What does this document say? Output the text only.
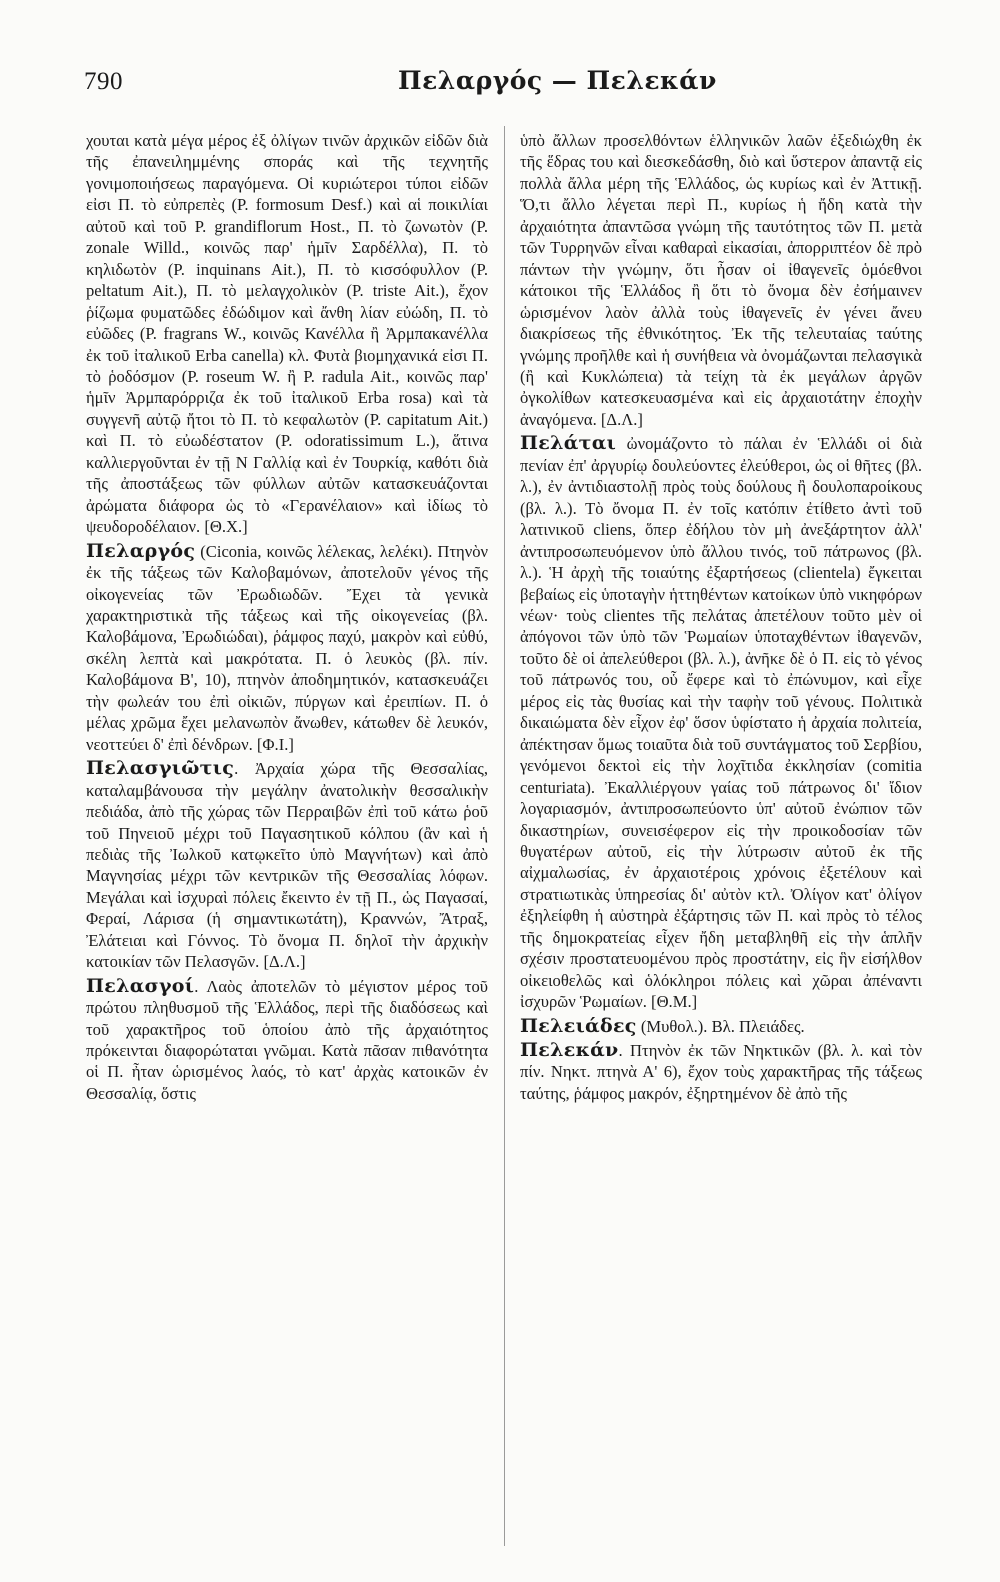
790	Πελαργός — Πελεκάν

χουται κατὰ μέγα μέρος ἐξ ὀλίγων τινῶν ἀρχικῶν εἰδῶν διὰ τῆς ἐπανειλημμένης σποράς καὶ τῆς τεχνητῆς γονιμοποιήσεως παραγόμενα. Οἱ κυριώτεροι τύποι εἰδῶν εἰσι Π. τὸ εὐπρεπὲς (P. formosum Desf.) καὶ αἱ ποικιλίαι αὐτοῦ καὶ τοῦ P. grandiflorum Host., Π. τὸ ζωνωτὸν (P. zonale Willd., κοινῶς παρ' ἡμῖν Σαρδέλλα), Π. τὸ κηλιδωτὸν (P. inquinans Ait.), Π. τὸ κισσόφυλλον (P. peltatum Ait.), Π. τὸ μελαγχολικὸν (P. triste Ait.), ἔχον ῥίζωμα φυματῶδες ἐδώδιμον καὶ ἄνθη λίαν εὐώδη, Π. τὸ εὐῶδες (P. fragrans W., κοινῶς Κανέλλα ἢ Ἀρμπακανέλλα ἐκ τοῦ ἰταλικοῦ Erba canella) κλ. Φυτὰ βιομηχανικά εἰσι Π. τὸ ῥοδόσμον (P. roseum W. ἢ P. radula Ait., κοινῶς παρ' ἡμῖν Ἀρμπαρόρριζα ἐκ τοῦ ἰταλικοῦ Erba rosa) καὶ τὰ συγγενῆ αὐτῷ ἤτοι τὸ Π. τὸ κεφαλωτὸν (P. capitatum Ait.) καὶ Π. τὸ εὐωδέστατον (P. odoratissimum L.), ἅτινα καλλιεργοῦνται ἐν τῇ Ν Γαλλίᾳ καὶ ἐν Τουρκίᾳ, καθότι διὰ τῆς ἀποστάξεως τῶν φύλλων αὐτῶν κατασκευάζονται ἀρώματα διάφορα ὡς τὸ «Γερανέλαιον» καὶ ἰδίως τὸ ψευδοροδέλαιον. [Θ.Χ.]

Πελαργός (Ciconia, κοινῶς λέλεκας, λελέκι). Πτηνὸν ἐκ τῆς τάξεως τῶν Καλοβαμόνων, ἀποτελοῦν γένος τῆς οἰκογενείας τῶν Ἐρωδιωδῶν. Ἔχει τὰ γενικὰ χαρακτηριστικὰ τῆς τάξεως καὶ τῆς οἰκογενείας (βλ. Καλοβάμονα, Ἐρωδιώδαι), ῥάμφος παχύ, μακρὸν καὶ εὐθύ, σκέλη λεπτὰ καὶ μακρότατα. Π. ὁ λευκὸς (βλ. πίν. Καλοβάμονα Β', 10), πτηνὸν ἀποδημητικόν, κατασκευάζει τὴν φωλεάν του ἐπὶ οἰκιῶν, πύργων καὶ ἐρειπίων. Π. ὁ μέλας χρῶμα ἔχει μελανωπὸν ἄνωθεν, κάτωθεν δὲ λευκόν, νεοττεύει δ' ἐπὶ δένδρων. [Φ.Ι.]

Πελασγιῶτις. Ἀρχαία χώρα τῆς Θεσσαλίας, καταλαμβάνουσα τὴν μεγάλην ἀνατολικὴν θεσσαλικὴν πεδιάδα, ἀπὸ τῆς χώρας τῶν Περραιβῶν ἐπὶ τοῦ κάτω ῥοῦ τοῦ Πηνειοῦ μέχρι τοῦ Παγασητικοῦ κόλπου (ἂν καὶ ἡ πεδιὰς τῆς Ἰωλκοῦ κατῳκεῖτο ὑπὸ Μαγνήτων) καὶ ἀπὸ Μαγνησίας μέχρι τῶν κεντρικῶν τῆς Θεσσαλίας λόφων. Μεγάλαι καὶ ἰσχυραὶ πόλεις ἔκειντο ἐν τῇ Π., ὡς Παγασαί, Φεραί, Λάρισα (ἡ σημαντικωτάτη), Κραννών, Ἄτραξ, Ἐλάτειαι καὶ Γόννος. Τὸ ὄνομα Π. δηλοῖ τὴν ἀρχικὴν κατοικίαν τῶν Πελασγῶν. [Δ.Λ.]

Πελασγοί. Λαὸς ἀποτελῶν τὸ μέγιστον μέρος τοῦ πρώτου πληθυσμοῦ τῆς Ἑλλάδος, περὶ τῆς διαδόσεως καὶ τοῦ χαρακτῆρος τοῦ ὁποίου ἀπὸ τῆς ἀρχαιότητος πρόκεινται διαφορώταται γνῶμαι. Κατὰ πᾶσαν πιθανότητα οἱ Π. ἦταν ὡρισμένος λαός, τὸ κατ' ἀρχὰς κατοικῶν ἐν Θεσσαλίᾳ, ὅστις

ὑπὸ ἄλλων προσελθόντων ἑλληνικῶν λαῶν ἐξεδιώχθη ἐκ τῆς ἕδρας του καὶ διεσκεδάσθη, διὸ καὶ ὕστερον ἀπαντᾷ εἰς πολλὰ ἄλλα μέρη τῆς Ἑλλάδος, ὡς κυρίως καὶ ἐν Ἀττικῇ. Ὅ,τι ἄλλο λέγεται περὶ Π., κυρίως ἡ ἤδη κατὰ τὴν ἀρχαιότητα ἀπαντῶσα γνώμη τῆς ταυτότητος τῶν Π. μετὰ τῶν Τυρρηνῶν εἶναι καθαραὶ εἰκασίαι, ἀπορριπτέον δὲ πρὸ πάντων τὴν γνώμην, ὅτι ἦσαν οἱ ἰθαγενεῖς ὁμόεθνοι κάτοικοι τῆς Ἑλλάδος ἢ ὅτι τὸ ὄνομα δὲν ἐσήμαινεν ὡρισμένον λαὸν ἀλλὰ τοὺς ἰθαγενεῖς ἐν γένει ἄνευ διακρίσεως τῆς ἐθνικότητος. Ἐκ τῆς τελευταίας ταύτης γνώμης προῆλθε καὶ ἡ συνήθεια νὰ ὀνομάζωνται πελασγικὰ (ἢ καὶ Κυκλώπεια) τὰ τείχη τὰ ἐκ μεγάλων ἀργῶν ὀγκολίθων κατεσκευασμένα καὶ εἰς ἀρχαιοτάτην ἐποχὴν ἀναγόμενα. [Δ.Λ.]

Πελάται ὠνομάζοντο τὸ πάλαι ἐν Ἑλλάδι οἱ διὰ πενίαν ἐπ' ἀργυρίῳ δουλεύοντες ἐλεύθεροι, ὡς οἱ θῆτες (βλ. λ.), ἐν ἀντιδιαστολῇ πρὸς τοὺς δούλους ἢ δουλοπαροίκους (βλ. λ.). Τὸ ὄνομα Π. ἐν τοῖς κατόπιν ἐτίθετο ἀντὶ τοῦ λατινικοῦ cliens, ὅπερ ἐδήλου τὸν μὴ ἀνεξάρτητον ἀλλ' ἀντιπροσωπευόμενον ὑπὸ ἄλλου τινός, τοῦ πάτρωνος (βλ. λ.). Ἡ ἀρχὴ τῆς τοιαύτης ἐξαρτήσεως (clientela) ἔγκειται βεβαίως εἰς ὑποταγὴν ἡττηθέντων κατοίκων ὑπὸ νικηφόρων νέων· τοὺς clientes τῆς πελάτας ἀπετέλουν τοῦτο μὲν οἱ ἀπόγονοι τῶν ὑπὸ τῶν Ῥωμαίων ὑποταχθέντων ἰθαγενῶν, τοῦτο δὲ οἱ ἀπελεύθεροι (βλ. λ.), ἀνῆκε δὲ ὁ Π. εἰς τὸ γένος τοῦ πάτρωνός του, οὗ ἔφερε καὶ τὸ ἐπώνυμον, καὶ εἶχε μέρος εἰς τὰς θυσίας καὶ τὴν ταφὴν τοῦ γένους. Πολιτικὰ δικαιώματα δὲν εἶχον ἐφ' ὅσον ὑφίστατο ἡ ἀρχαία πολιτεία, ἀπέκτησαν ὅμως τοιαῦτα διὰ τοῦ συντάγματος τοῦ Σερβίου, γενόμενοι δεκτοὶ εἰς τὴν λοχῖτιδα ἐκκλησίαν (comitia centuriata). Ἐκαλλιέργουν γαίας τοῦ πάτρωνος δι' ἴδιον λογαριασμόν, ἀντιπροσωπεύοντο ὑπ' αὐτοῦ ἐνώπιον τῶν δικαστηρίων, συνεισέφερον εἰς τὴν προικοδοσίαν τῶν θυγατέρων αὐτοῦ, εἰς τὴν λύτρωσιν αὐτοῦ ἐκ τῆς αἰχμαλωσίας, ἐν ἀρχαιοτέροις χρόνοις ἐξετέλουν καὶ στρατιωτικὰς ὑπηρεσίας δι' αὐτὸν κτλ. Ὀλίγον κατ' ὀλίγον ἐξηλείφθη ἡ αὐστηρὰ ἐξάρτησις τῶν Π. καὶ πρὸς τὸ τέλος τῆς δημοκρατείας εἶχεν ἤδη μεταβληθῆ εἰς τὴν ἁπλῆν σχέσιν προστατευομένου πρὸς προστάτην, εἰς ἣν εἰσήλθον οἰκειοθελῶς καὶ ὁλόκληροι πόλεις καὶ χῶραι ἀπέναντι ἰσχυρῶν Ῥωμαίων. [Θ.Μ.]

Πελειάδες (Μυθολ.). Βλ. Πλειάδες.

Πελεκάν. Πτηνὸν ἐκ τῶν Νηκτικῶν (βλ. λ. καὶ τὸν πίν. Νηκτ. πτηνὰ Α' 6), ἔχον τοὺς χαρακτῆρας τῆς τάξεως ταύτης, ῥάμφος μακρόν, ἐξηρτημένον δὲ ἀπὸ τῆς
